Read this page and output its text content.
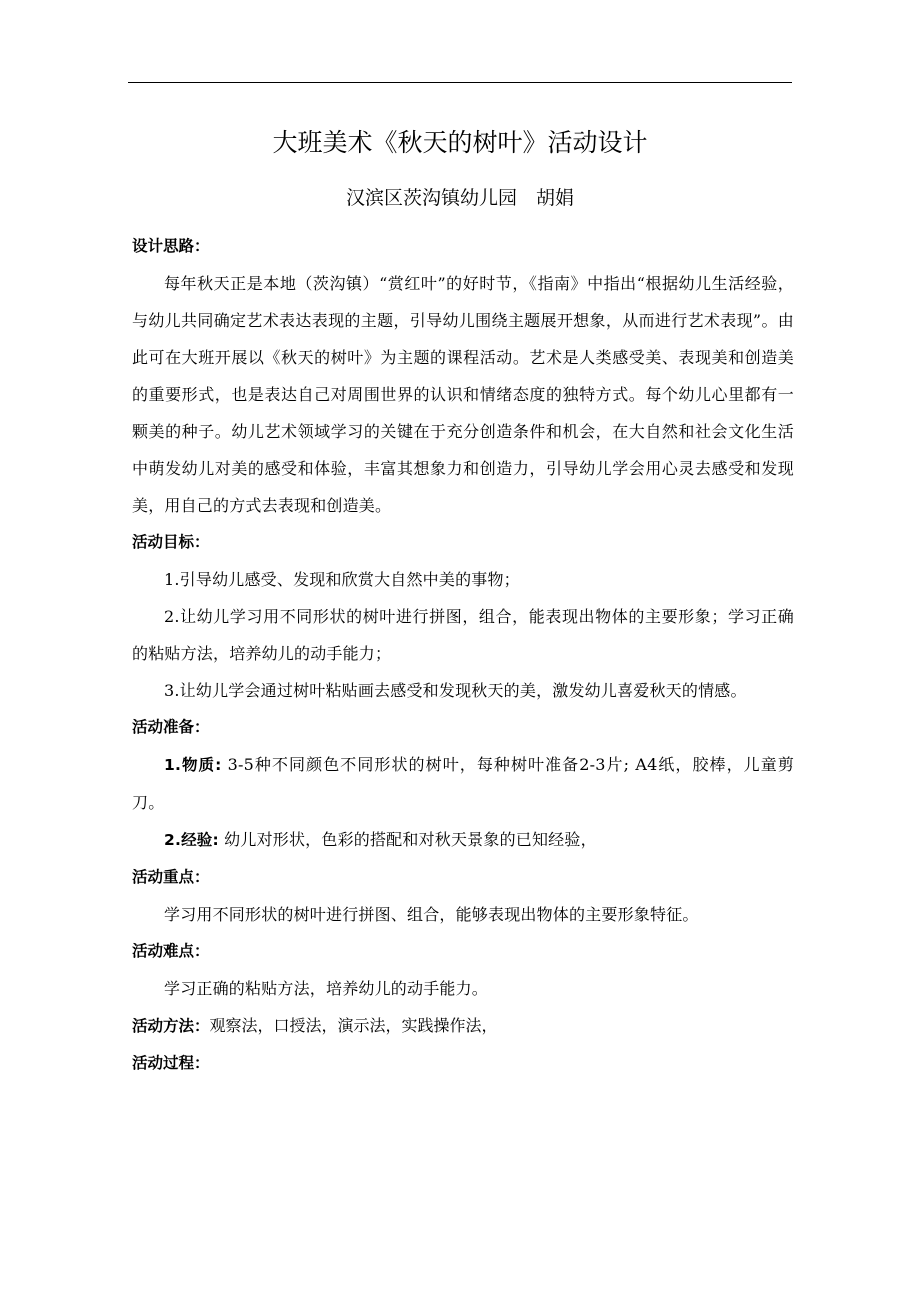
大班美术《秋天的树叶》活动设计
汉滨区茨沟镇幼儿园　胡娟

设计思路：

每年秋天正是本地（茨沟镇）“赏红叶”的好时节，《指南》中指出“根据幼儿生活经验，与幼儿共同确定艺术表达表现的主题，引导幼儿围绕主题展开想象，从而进行艺术表现”。由此可在大班开展以《秋天的树叶》为主题的课程活动。艺术是人类感受美、表现美和创造美的重要形式，也是表达自己对周围世界的认识和情绪态度的独特方式。每个幼儿心里都有一颗美的种子。幼儿艺术领域学习的关键在于充分创造条件和机会，在大自然和社会文化生活中萌发幼儿对美的感受和体验，丰富其想象力和创造力，引导幼儿学会用心灵去感受和发现美，用自己的方式去表现和创造美。

活动目标：

1.引导幼儿感受、发现和欣赏大自然中美的事物；

2.让幼儿学习用不同形状的树叶进行拼图，组合，能表现出物体的主要形象；学习正确的粘贴方法，培养幼儿的动手能力；

3.让幼儿学会通过树叶粘贴画去感受和发现秋天的美，激发幼儿喜爱秋天的情感。

活动准备：

1.物质: 3-5种不同颜色不同形状的树叶，每种树叶准备2-3片; A4纸，胶棒，儿童剪刀。

2.经验: 幼儿对形状，色彩的搭配和对秋天景象的已知经验，

活动重点：

学习用不同形状的树叶进行拼图、组合，能够表现出物体的主要形象特征。

活动难点：

学习正确的粘贴方法，培养幼儿的动手能力。

活动方法：观察法，口授法，演示法，实践操作法，

活动过程：
